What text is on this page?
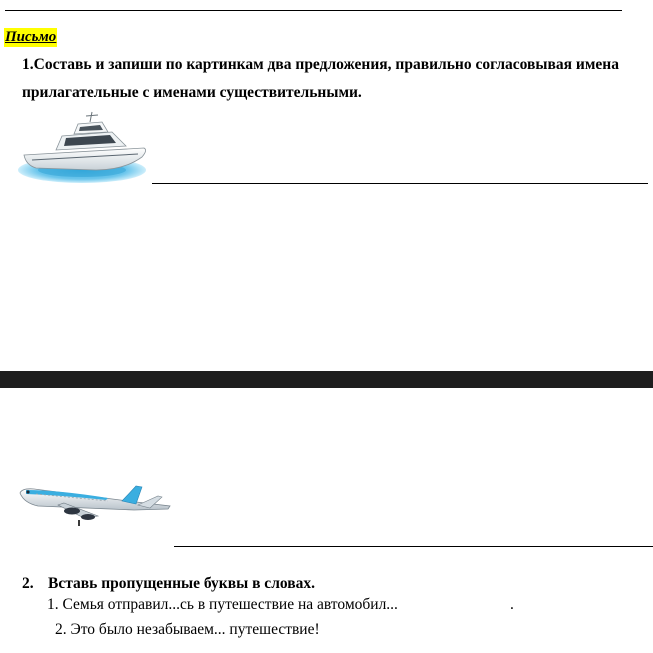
Письмо
1.Составь и запиши по картинкам два предложения, правильно согласовывая имена прилагательные с именами существительными.
2. Вставь пропущенные буквы в словах.
1. Семья отправил...сь в путешествие на автомобил...	.
2. Это было незабываем... путешествие!
